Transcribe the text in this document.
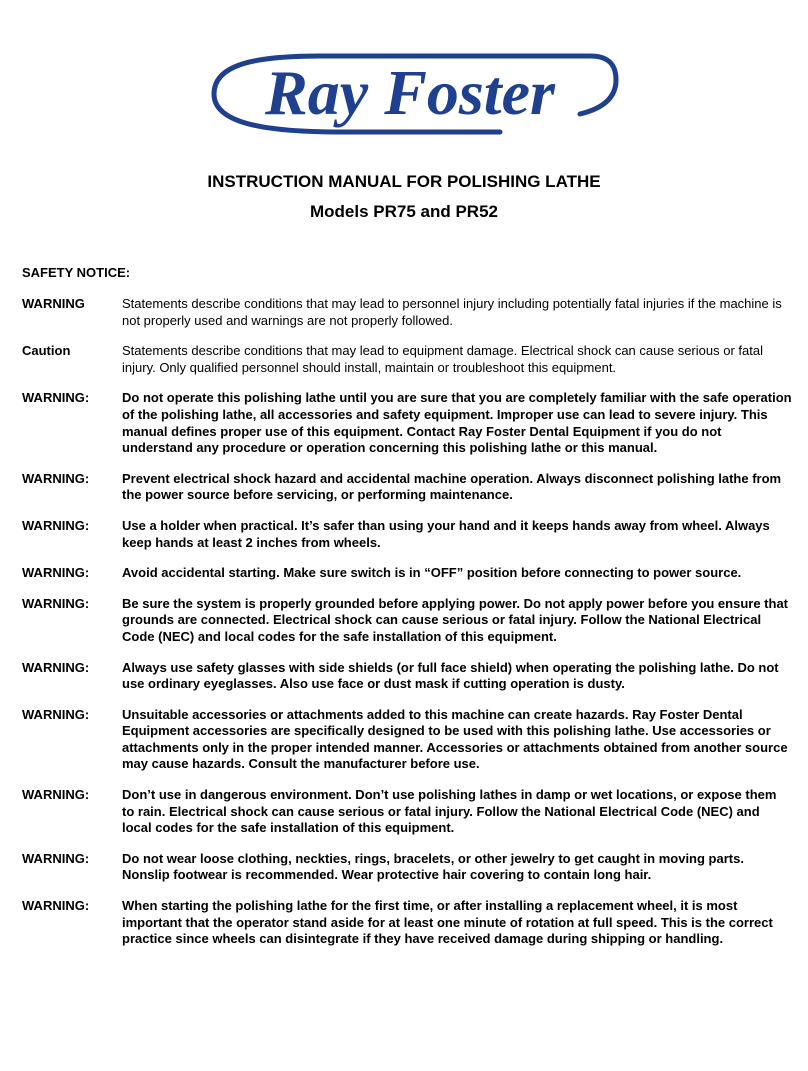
Ray Foster
INSTRUCTION MANUAL FOR POLISHING LATHE
Models PR75 and PR52
SAFETY NOTICE:
WARNING	Statements describe conditions that may lead to personnel injury including potentially fatal injuries if the machine is not properly used and warnings are not properly followed.
Caution	Statements describe conditions that may lead to equipment damage. Electrical shock can cause serious or fatal injury. Only qualified personnel should install, maintain or troubleshoot this equipment.
WARNING:	Do not operate this polishing lathe until you are sure that you are completely familiar with the safe operation of the polishing lathe, all accessories and safety equipment. Improper use can lead to severe injury. This manual defines proper use of this equipment. Contact Ray Foster Dental Equipment if you do not understand any procedure or operation concerning this polishing lathe or this manual.
WARNING:	Prevent electrical shock hazard and accidental machine operation. Always disconnect polishing lathe from the power source before servicing, or performing maintenance.
WARNING:	Use a holder when practical. It’s safer than using your hand and it keeps hands away from wheel. Always keep hands at least 2 inches from wheels.
WARNING:	Avoid accidental starting. Make sure switch is in “OFF” position before connecting to power source.
WARNING:	Be sure the system is properly grounded before applying power. Do not apply power before you ensure that grounds are connected. Electrical shock can cause serious or fatal injury. Follow the National Electrical Code (NEC) and local codes for the safe installation of this equipment.
WARNING:	Always use safety glasses with side shields (or full face shield) when operating the polishing lathe. Do not use ordinary eyeglasses. Also use face or dust mask if cutting operation is dusty.
WARNING:	Unsuitable accessories or attachments added to this machine can create hazards. Ray Foster Dental Equipment accessories are specifically designed to be used with this polishing lathe. Use accessories or attachments only in the proper intended manner. Accessories or attachments obtained from another source may cause hazards. Consult the manufacturer before use.
WARNING:	Don’t use in dangerous environment. Don’t use polishing lathes in damp or wet locations, or expose them to rain. Electrical shock can cause serious or fatal injury. Follow the National Electrical Code (NEC) and local codes for the safe installation of this equipment.
WARNING:	Do not wear loose clothing, neckties, rings, bracelets, or other jewelry to get caught in moving parts. Nonslip footwear is recommended. Wear protective hair covering to contain long hair.
WARNING:	When starting the polishing lathe for the first time, or after installing a replacement wheel, it is most important that the operator stand aside for at least one minute of rotation at full speed. This is the correct practice since wheels can disintegrate if they have received damage during shipping or handling.
